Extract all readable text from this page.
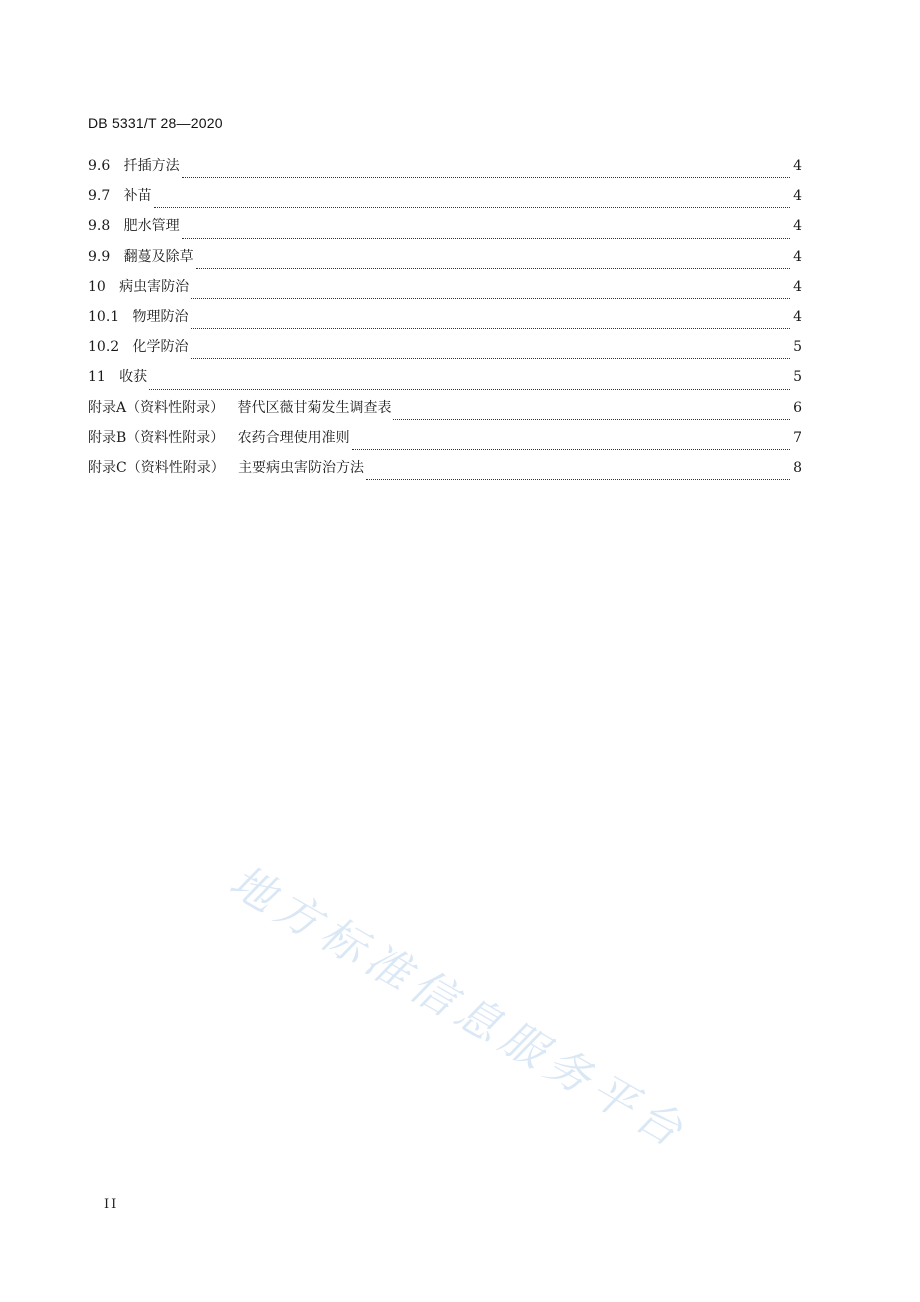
DB 5331/T 28—2020
9.6 扦插方法	4
9.7 补苗	4
9.8 肥水管理	4
9.9 翻蔓及除草	4
10 病虫害防治	4
10.1 物理防治	4
10.2 化学防治	5
11 收获	5
附录A（资料性附录） 替代区薇甘菊发生调查表	6
附录B（资料性附录） 农药合理使用准则	7
附录C（资料性附录） 主要病虫害防治方法	8
地方标准信息服务平台
II
